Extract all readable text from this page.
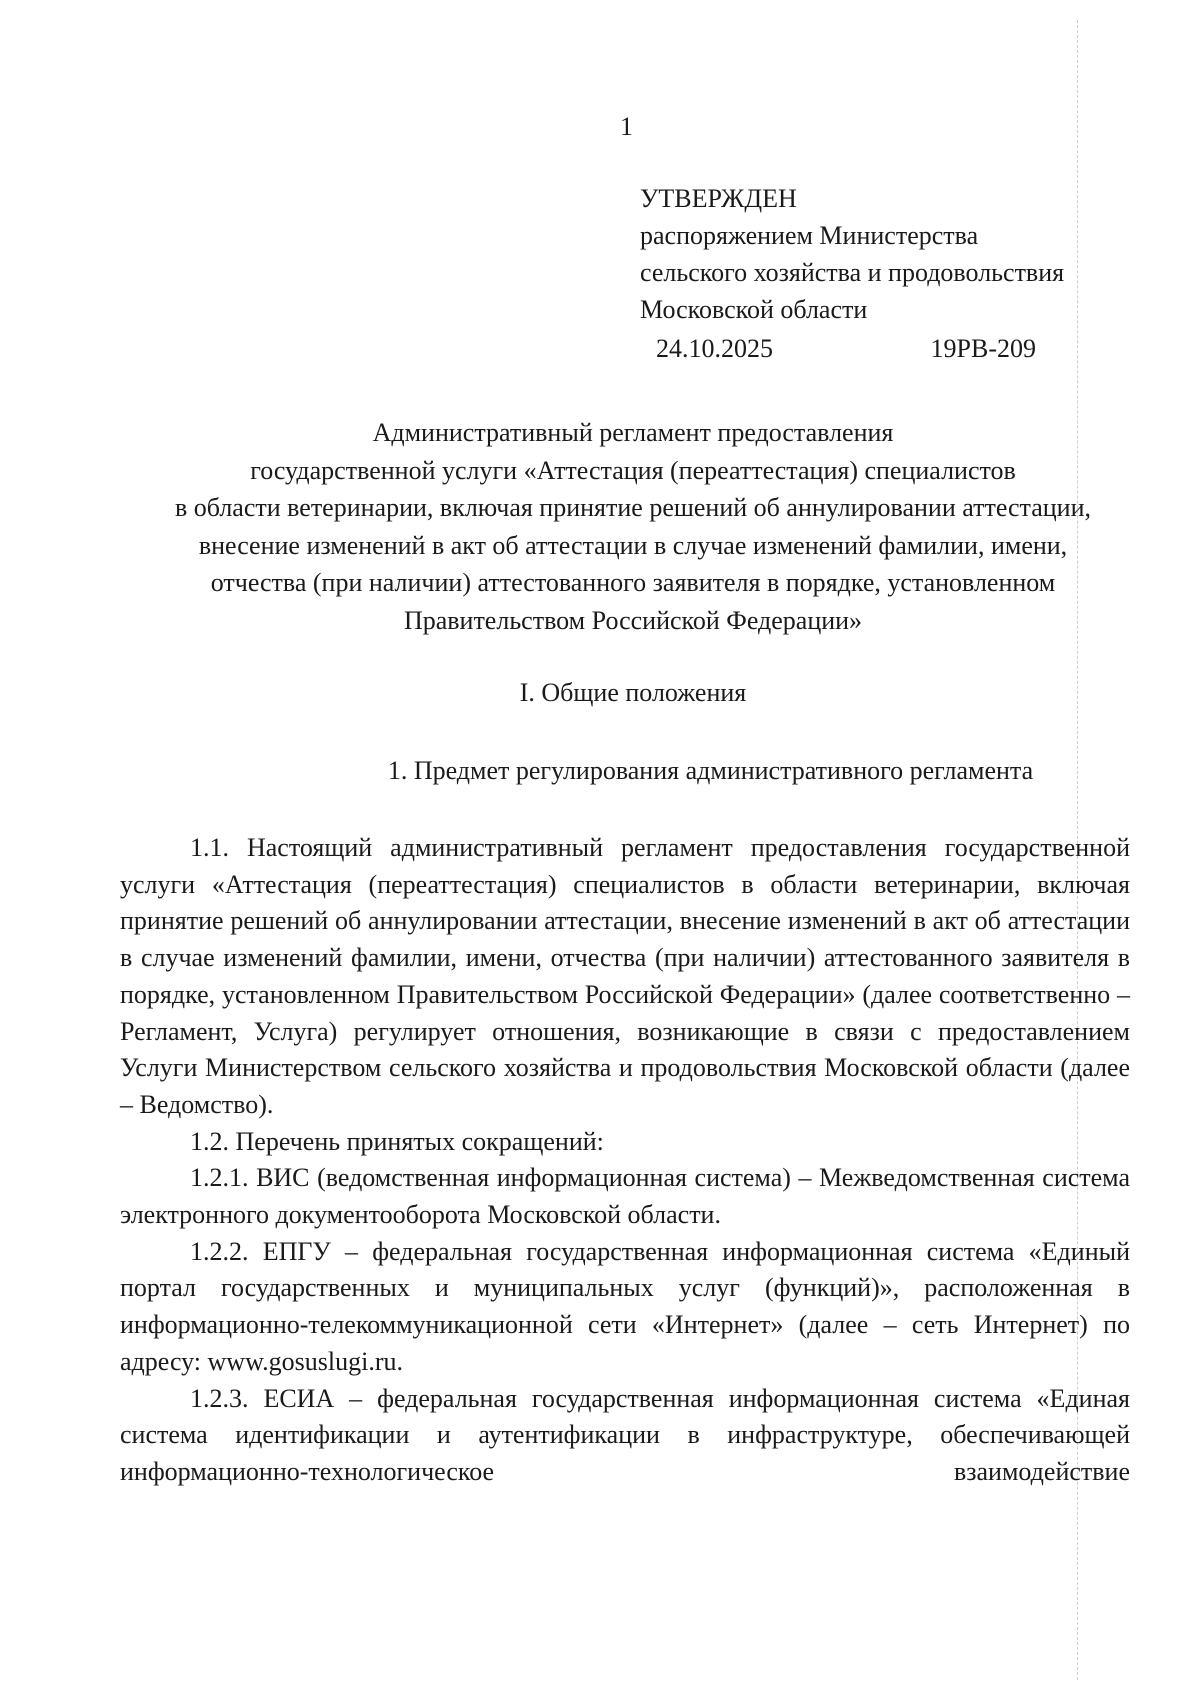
1
УТВЕРЖДЕН
распоряжением Министерства
сельского хозяйства и продовольствия
Московской области
24.10.2025	19РВ-209
Административный регламент предоставления
государственной услуги «Аттестация (переаттестация) специалистов
в области ветеринарии, включая принятие решений об аннулировании аттестации,
внесение изменений в акт об аттестации в случае изменений фамилии, имени,
отчества (при наличии) аттестованного заявителя в порядке, установленном
Правительством Российской Федерации»
I. Общие положения
1. Предмет регулирования административного регламента

1.1. Настоящий административный регламент предоставления государственной услуги «Аттестация (переаттестация) специалистов в области ветеринарии, включая принятие решений об аннулировании аттестации, внесение изменений в акт об аттестации в случае изменений фамилии, имени, отчества (при наличии) аттестованного заявителя в порядке, установленном Правительством Российской Федерации» (далее соответственно – Регламент, Услуга) регулирует отношения, возникающие в связи с предоставлением Услуги Министерством сельского хозяйства и продовольствия Московской области (далее – Ведомство).

1.2. Перечень принятых сокращений:

1.2.1. ВИС (ведомственная информационная система) – Межведомственная система электронного документооборота Московской области.

1.2.2. ЕПГУ – федеральная государственная информационная система «Единый портал государственных и муниципальных услуг (функций)», расположенная в информационно-телекоммуникационной сети «Интернет» (далее – сеть Интернет) по адресу: www.gosuslugi.ru.

1.2.3. ЕСИА – федеральная государственная информационная система «Единая система идентификации и аутентификации в инфраструктуре, обеспечивающей информационно-технологическое взаимодействие
